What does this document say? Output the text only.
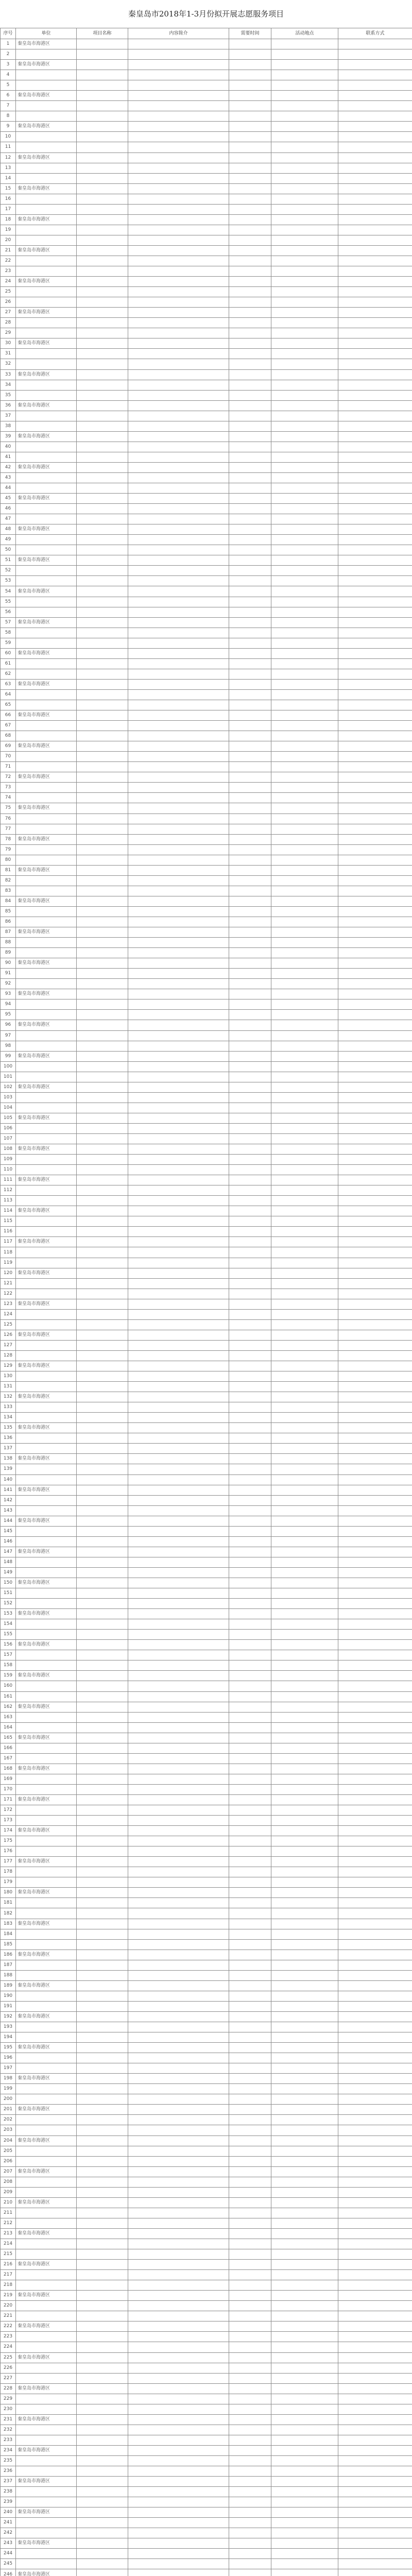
秦皇岛市2018年1-3月份拟开展志愿服务项目
序号	单位	项目名称	内容简介	需要时间	活动地点	联系方式
1	秦皇岛市海港区					
2						
3	秦皇岛市海港区					
4						
5						
6	秦皇岛市海港区					
7						
8						
9	秦皇岛市海港区					
10						
11						
12	秦皇岛市海港区					
13						
14						
15	秦皇岛市海港区					
16						
17						
18	秦皇岛市海港区					
19						
20						
21	秦皇岛市海港区					
22						
23						
24	秦皇岛市海港区					
25						
26						
27	秦皇岛市海港区					
28						
29						
30	秦皇岛市海港区					
31						
32						
33	秦皇岛市海港区					
34						
35						
36	秦皇岛市海港区					
37						
38						
39	秦皇岛市海港区					
40						
41						
42	秦皇岛市海港区					
43						
44						
45	秦皇岛市海港区					
46						
47						
48	秦皇岛市海港区					
49						
50						
51	秦皇岛市海港区					
52						
53						
54	秦皇岛市海港区					
55						
56						
57	秦皇岛市海港区					
58						
59						
60	秦皇岛市海港区					
61						
62						
63	秦皇岛市海港区					
64						
65						
66	秦皇岛市海港区					
67						
68						
69	秦皇岛市海港区					
70						
71						
72	秦皇岛市海港区					
73						
74						
75	秦皇岛市海港区					
76						
77						
78	秦皇岛市海港区					
79						
80						
81	秦皇岛市海港区					
82						
83						
84	秦皇岛市海港区					
85						
86						
87	秦皇岛市海港区					
88						
89						
90	秦皇岛市海港区					
91						
92						
93	秦皇岛市海港区					
94						
95						
96	秦皇岛市海港区					
97						
98						
99	秦皇岛市海港区					
100						
101						
102	秦皇岛市海港区					
103						
104						
105	秦皇岛市海港区					
106						
107						
108	秦皇岛市海港区					
109						
110						
111	秦皇岛市海港区					
112						
113						
114	秦皇岛市海港区					
115						
116						
117	秦皇岛市海港区					
118						
119						
120	秦皇岛市海港区					
121						
122						
123	秦皇岛市海港区					
124						
125						
126	秦皇岛市海港区					
127						
128						
129	秦皇岛市海港区					
130						
131						
132	秦皇岛市海港区					
133						
134						
135	秦皇岛市海港区					
136						
137						
138	秦皇岛市海港区					
139						
140						
141	秦皇岛市海港区					
142						
143						
144	秦皇岛市海港区					
145						
146						
147	秦皇岛市海港区					
148						
149						
150	秦皇岛市海港区					
151						
152						
153	秦皇岛市海港区					
154						
155						
156	秦皇岛市海港区					
157						
158						
159	秦皇岛市海港区					
160						
161						
162	秦皇岛市海港区					
163						
164						
165	秦皇岛市海港区					
166						
167						
168	秦皇岛市海港区					
169						
170						
171	秦皇岛市海港区					
172						
173						
174	秦皇岛市海港区					
175						
176						
177	秦皇岛市海港区					
178						
179						
180	秦皇岛市海港区					
181						
182						
183	秦皇岛市海港区					
184						
185						
186	秦皇岛市海港区					
187						
188						
189	秦皇岛市海港区					
190						
191						
192	秦皇岛市海港区					
193						
194						
195	秦皇岛市海港区					
196						
197						
198	秦皇岛市海港区					
199						
200						
201	秦皇岛市海港区					
202						
203						
204	秦皇岛市海港区					
205						
206						
207	秦皇岛市海港区					
208						
209						
210	秦皇岛市海港区					
211						
212						
213	秦皇岛市海港区					
214						
215						
216	秦皇岛市海港区					
217						
218						
219	秦皇岛市海港区					
220						
221						
222	秦皇岛市海港区					
223						
224						
225	秦皇岛市海港区					
226						
227						
228	秦皇岛市海港区					
229						
230						
231	秦皇岛市海港区					
232						
233						
234	秦皇岛市海港区					
235						
236						
237	秦皇岛市海港区					
238						
239						
240	秦皇岛市海港区					
241						
242						
243	秦皇岛市海港区					
244						
245						
246	秦皇岛市海港区					
